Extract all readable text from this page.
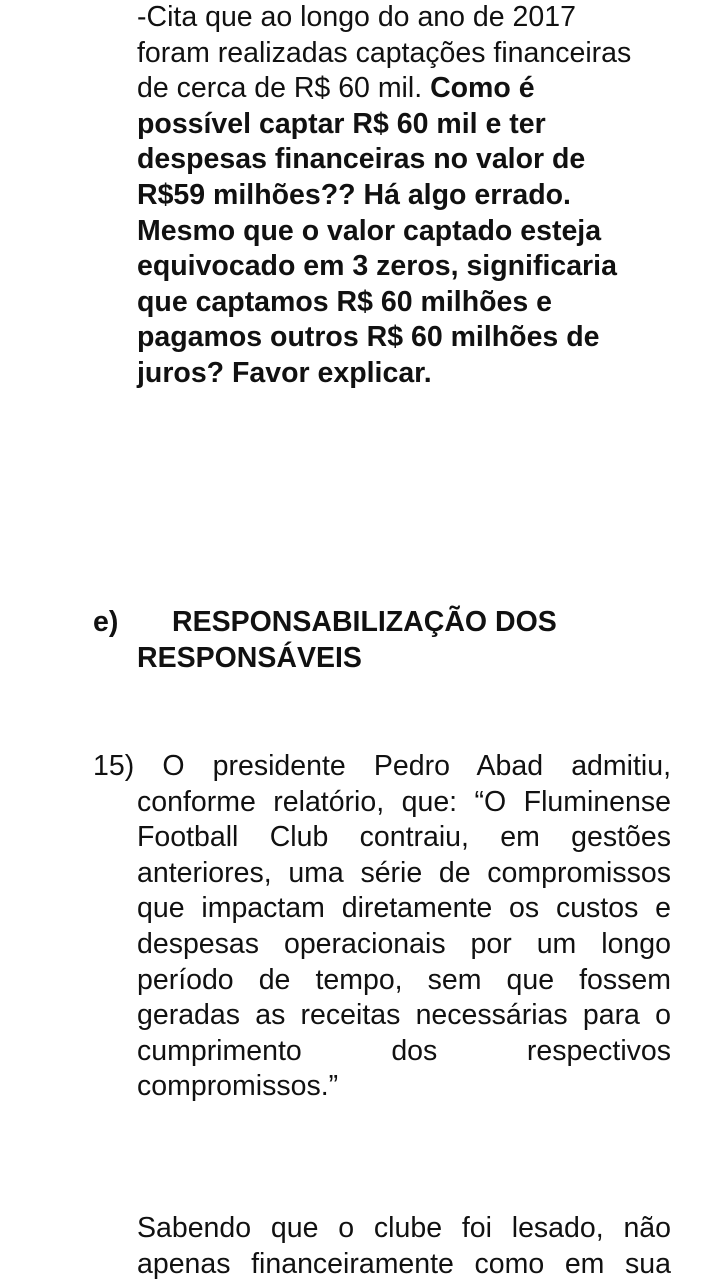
-Cita que ao longo do ano de 2017

foram realizadas captações financeiras

de cerca de R$ 60 mil. Como é

possível captar R$ 60 mil e ter

despesas financeiras no valor de

R$59 milhões?? Há algo errado.

Mesmo que o valor captado esteja

equivocado em 3 zeros, significaria

que captamos R$ 60 milhões e

pagamos outros R$ 60 milhões de

juros? Favor explicar.

e) RESPONSABILIZAÇÃO DOS

RESPONSÁVEIS

15) O presidente Pedro Abad admitiu,

conforme relatório, que: “O Fluminense

Football Club contraiu, em gestões

anteriores, uma série de compromissos

que impactam diretamente os custos e

despesas operacionais por um longo

período de tempo, sem que fossem

geradas as receitas necessárias para o

cumprimento dos respectivos

compromissos.”

Sabendo que o clube foi lesado, não

apenas financeiramente como em sua
